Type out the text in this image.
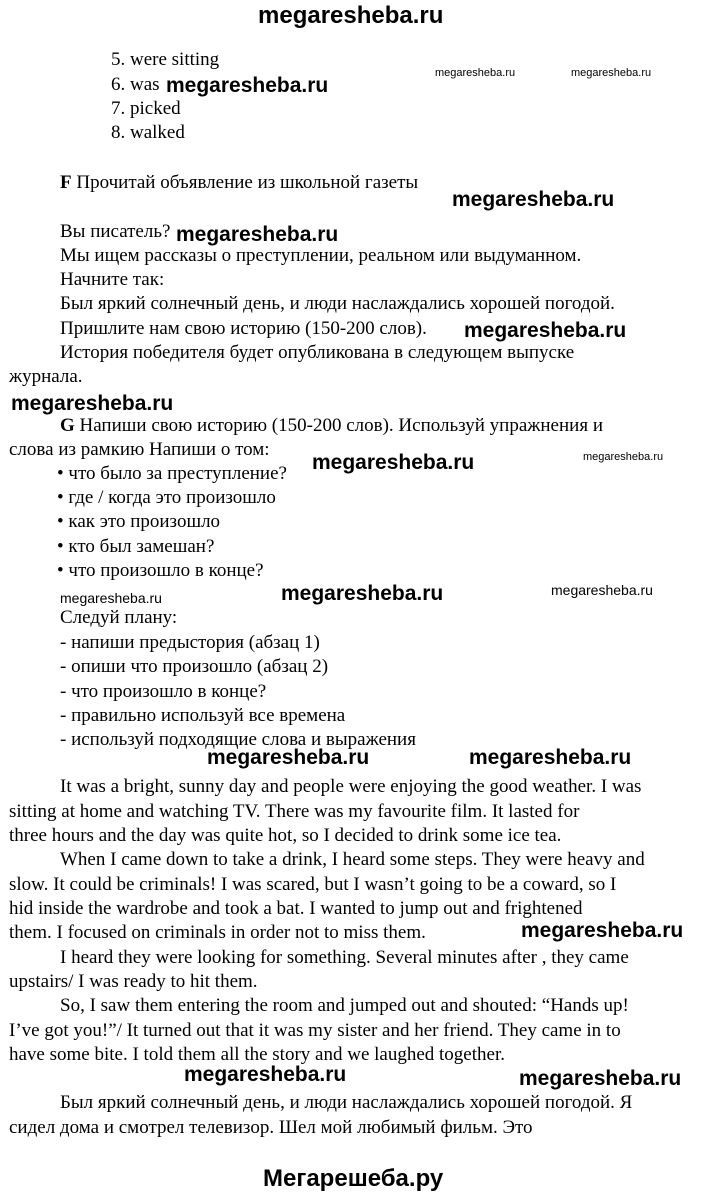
megaresheba.ru
5. were sitting
6. was
7. picked
8. walked
megaresheba.ru
megaresheba.ru	megaresheba.ru
F Прочитай объявление из школьной газеты
megaresheba.ru
Вы писатель? megaresheba.ru
Мы ищем рассказы о преступлении, реальном или выдуманном.
Начните так:
Был яркий солнечный день, и люди наслаждались хорошей погодой.
Пришлите нам свою историю (150-200 слов). megaresheba.ru
История победителя будет опубликована в следующем выпуске
журнала.
megaresheba.ru
G Напиши свою историю (150-200 слов). Используй упражнения и
слова из рамкию Напиши о том:
megaresheba.ru	megaresheba.ru
• что было за преступление?
• где / когда это произошло
• как это произошло
• кто был замешан?
• что произошло в конце?
megaresheba.ru	megaresheba.ru	megaresheba.ru
Следуй плану:
- напиши предыстория (абзац 1)
- опиши что произошло (абзац 2)
- что произошло в конце?
- правильно используй все времена
- используй подходящие слова и выражения
megaresheba.ru	megaresheba.ru
It was a bright, sunny day and people were enjoying the good weather. I was
sitting at home and watching TV. There was my favourite film. It lasted for
three hours and the day was quite hot, so I decided to drink some ice tea.
When I came down to take a drink, I heard some steps. They were heavy and
slow. It could be criminals! I was scared, but I wasn’t going to be a coward, so I
hid inside the wardrobe and took a bat. I wanted to jump out and frightened
them. I focused on criminals in order not to miss them.	megaresheba.ru
I heard they were looking for something. Several minutes after , they came
upstairs/ I was ready to hit them.
So, I saw them entering the room and jumped out and shouted: “Hands up!
I’ve got you!”/ It turned out that it was my sister and her friend. They came in to
have some bite. I told them all the story and we laughed together.
megaresheba.ru	megaresheba.ru
Был яркий солнечный день, и люди наслаждались хорошей погодой. Я
сидел дома и смотрел телевизор. Шел мой любимый фильм. Это
Мегарешеба.ру
